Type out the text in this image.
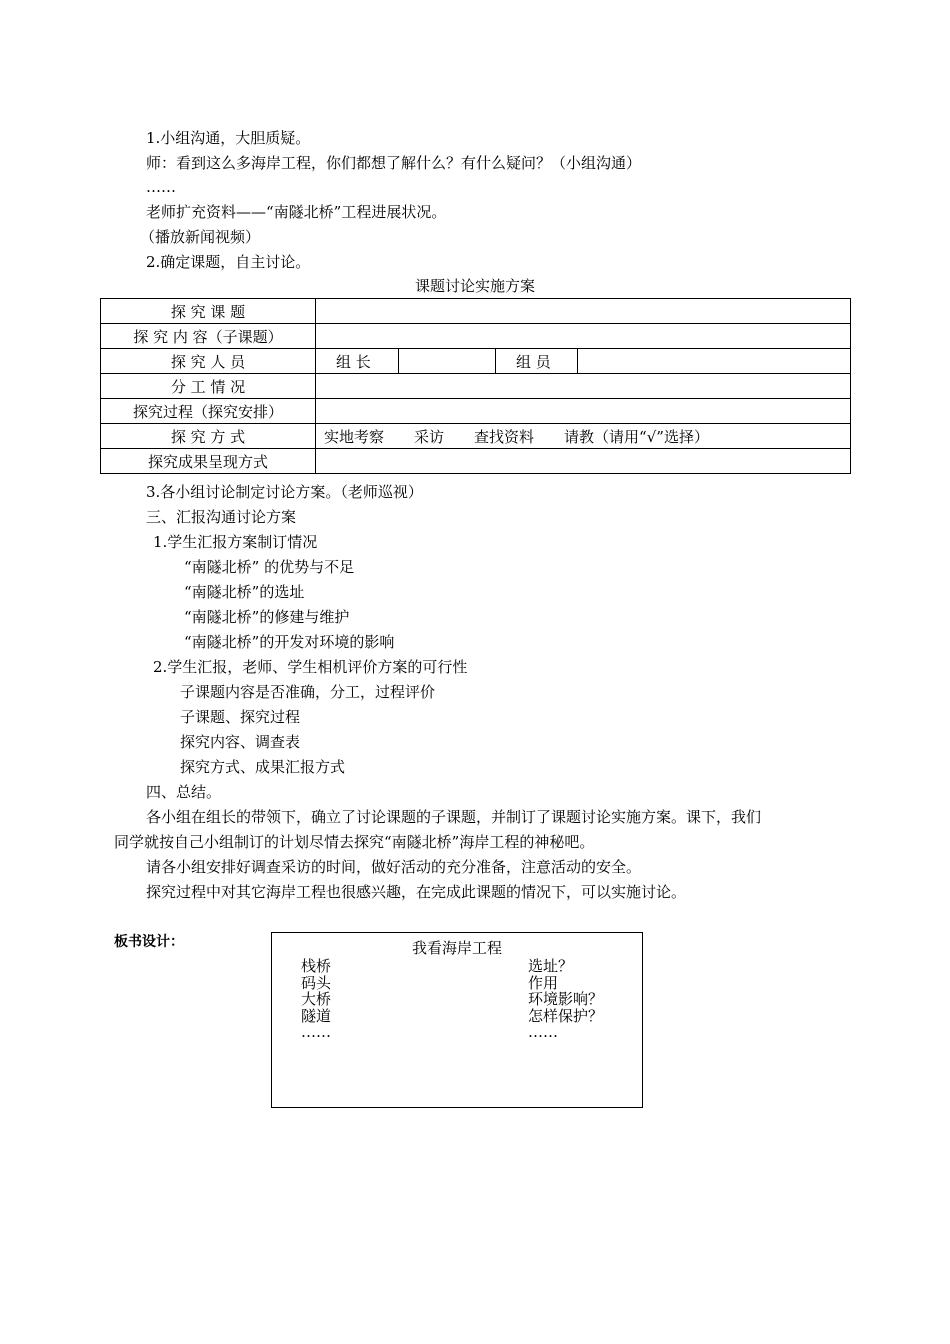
1.小组沟通，大胆质疑。
师：看到这么多海岸工程，你们都想了解什么？有什么疑问？（小组沟通）
……
老师扩充资料——“南隧北桥”工程进展状况。
（播放新闻视频）
2.确定课题，自主讨论。
课题讨论实施方案
探 究 课 题				
探 究 内 容（子课题）				
探 究 人 员	组 长		组 员	
分 工 情 况				
探究过程（探究安排）				
探 究 方 式	实地考察 采访 查找资料 请教（请用“√”选择）			
探究成果呈现方式				
3.各小组讨论制定讨论方案。（老师巡视）
三、汇报沟通讨论方案
1.学生汇报方案制订情况
“南隧北桥” 的优势与不足
“南隧北桥”的选址
“南隧北桥”的修建与维护
“南隧北桥”的开发对环境的影响
2.学生汇报，老师、学生相机评价方案的可行性
子课题内容是否准确，分工，过程评价
子课题、探究过程
探究内容、调查表
探究方式、成果汇报方式
四、总结。
各小组在组长的带领下，确立了讨论课题的子课题，并制订了课题讨论实施方案。课下，我们
同学就按自己小组制订的计划尽情去探究“南隧北桥”海岸工程的神秘吧。
请各小组安排好调查采访的时间，做好活动的充分准备，注意活动的安全。
探究过程中对其它海岸工程也很感兴趣，在完成此课题的情况下，可以实施讨论。
板书设计：	我看海岸工程
栈桥
码头
大桥
隧道
……
选址？
作用
环境影响？
怎样保护？
……
